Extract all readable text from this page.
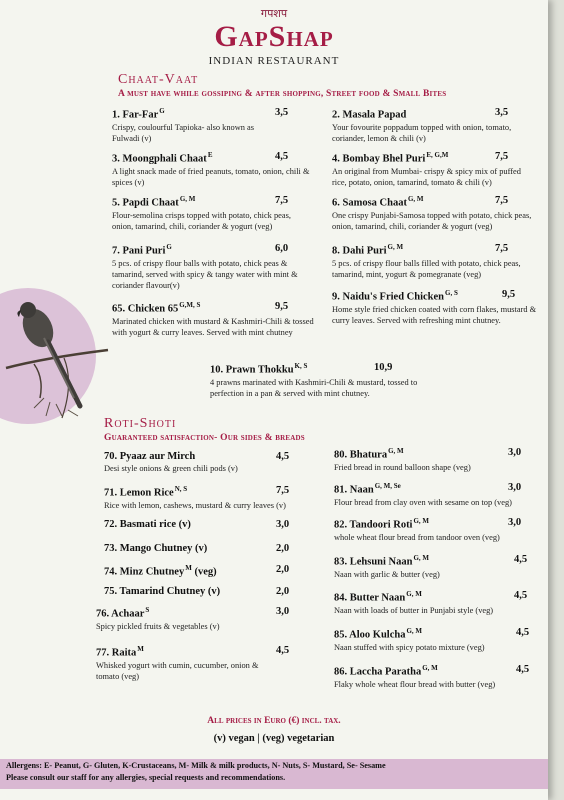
गपशप
GapShap
INDIAN RESTAURANT
Chaat-Vaat
A must have while gossiping & after shopping, Street food & Small Bites
1. Far-Far$^G$	3,5
Crispy, coulourful Tapioka- also known as Fulwadi (v)
3. Moongphali Chaat$^E$	4,5
A light snack made of fried peanuts, tomato, onion, chili & spices (v)
5. Papdi Chaat$^{G, M}$	7,5
Flour-semolina crisps topped with potato, chick peas, onion, tamarind, chili, coriander & yogurt (veg)
7. Pani Puri$^G$	6,0
5 pcs. of crispy flour balls with potato, chick peas & tamarind, served with spicy & tangy water with mint & coriander flavour(v)
65. Chicken $65^{G,M, S}$	9,5
Marinated chicken with mustard & Kashmiri-Chili & tossed with yogurt & curry leaves. Served with mint chutney
2. Masala Papad	3,5
Your fovourite poppadum topped with onion, tomato, coriander, lemon & chili (v)
4. Bombay Bhel Puri$^{E, G,M}$	7,5
An original from Mumbai- crispy & spicy mix of puffed rice, potato, onion, tamarind, tomato & chili (v)
6. Samosa Chaat$^{G, M}$	7,5
One crispy Punjabi-Samosa topped with potato, chick peas, onion, tamarind, chili, coriander & yogurt (veg)
8. Dahi Puri$^{G, M}$	7,5
5 pcs. of crispy flour balls filled with potato, chick peas, tamarind, mint, yogurt & pomegranate (veg)
9. Naidu's Fried Chicken$^{G, S}$	9,5
Home style fried chicken coated with corn flakes, mustard & curry leaves. Served with refreshing mint chutney.
10. Prawn Thokku$^{K, S}$	10,9
4 prawns marinated with Kashmiri-Chili & mustard, tossed to perfection in a pan & served with mint chutney.
Roti-Shoti
Guaranteed satisfaction- Our sides & breads
70. Pyaaz aur Mirch	4,5
Desi style onions & green chili pods (v)
71. Lemon Rice$^{N, S}$	7,5
Rice with lemon, cashews, mustard & curry leaves (v)
72. Basmati rice (v)	3,0
73. Mango Chutney (v)	2,0
74. Minz Chutney$^M$ (veg)	2,0
75. Tamarind Chutney (v)	2,0
76. Achaar$^S$	3,0
Spicy pickled fruits & vegetables (v)
77. Raita$^M$	4,5
Whisked yogurt with cumin, cucumber, onion & tomato (veg)
80. Bhatura$^{G, M}$	3,0
Fried bread in round balloon shape (veg)
81. Naan$^{G, M, Se}$	3,0
Flour bread from clay oven with sesame on top (veg)
82. Tandoori Roti$^{G, M}$	3,0
whole wheat flour bread from tandoor oven (veg)
83. Lehsuni Naan$^{G, M}$	4,5
Naan with garlic & butter (veg)
84. Butter Naan$^{G, M}$	4,5
Naan with loads of butter in Punjabi style (veg)
85. Aloo Kulcha$^{G, M}$	4,5
Naan stuffed with spicy potato mixture (veg)
86. Laccha Paratha$^{G, M}$	4,5
Flaky whole wheat flour bread with butter (veg)
All prices in Euro (€) incl. tax.
(v) vegan | (veg) vegetarian
Allergens: E- Peanut, G- Gluten, K-Crustaceans, M- Milk & milk products, N- Nuts, S- Mustard, Se- Sesame
Please consult our staff for any allergies, special requests and recommendations.
